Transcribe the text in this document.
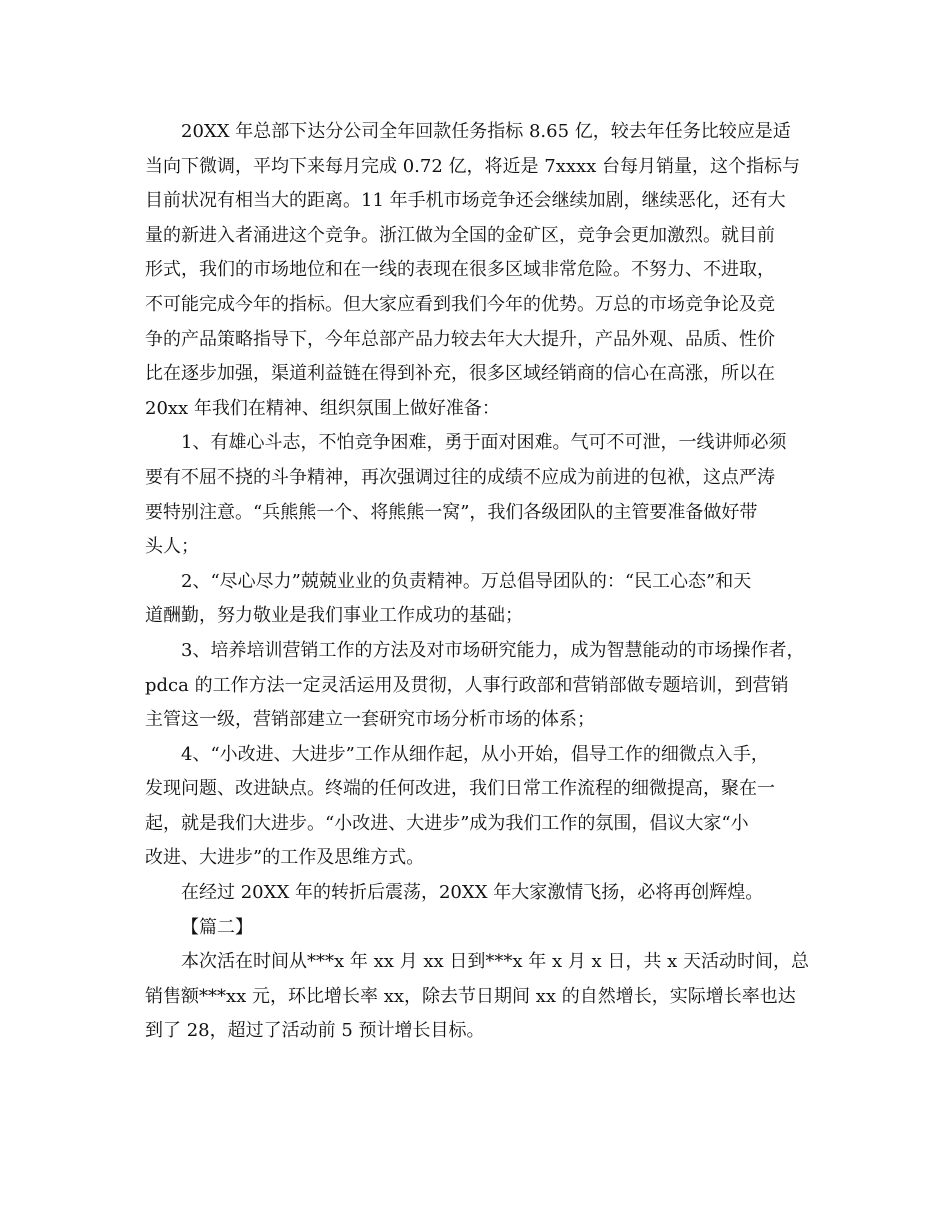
20XX 年总部下达分公司全年回款任务指标 8.65 亿，较去年任务比较应是适
当向下微调，平均下来每月完成 0.72 亿，将近是 7xxxx 台每月销量，这个指标与
目前状况有相当大的距离。11 年手机市场竞争还会继续加剧，继续恶化，还有大
量的新进入者涌进这个竞争。浙江做为全国的金矿区，竞争会更加激烈。就目前
形式，我们的市场地位和在一线的表现在很多区域非常危险。不努力、不进取，
不可能完成今年的指标。但大家应看到我们今年的优势。万总的市场竞争论及竞
争的产品策略指导下，今年总部产品力较去年大大提升，产品外观、品质、性价
比在逐步加强，渠道利益链在得到补充，很多区域经销商的信心在高涨，所以在
20xx 年我们在精神、组织氛围上做好准备：
1、有雄心斗志，不怕竞争困难，勇于面对困难。气可不可泄，一线讲师必须
要有不屈不挠的斗争精神，再次强调过往的成绩不应成为前进的包袱，这点严涛
要特别注意。“兵熊熊一个、将熊熊一窝”，我们各级团队的主管要准备做好带
头人；
2、“尽心尽力”兢兢业业的负责精神。万总倡导团队的：“民工心态”和天
道酬勤，努力敬业是我们事业工作成功的基础；
3、培养培训营销工作的方法及对市场研究能力，成为智慧能动的市场操作者，
pdca 的工作方法一定灵活运用及贯彻，人事行政部和营销部做专题培训，到营销
主管这一级，营销部建立一套研究市场分析市场的体系；
4、“小改进、大进步”工作从细作起，从小开始，倡导工作的细微点入手，
发现问题、改进缺点。终端的任何改进，我们日常工作流程的细微提高，聚在一
起，就是我们大进步。“小改进、大进步”成为我们工作的氛围，倡议大家“小
改进、大进步”的工作及思维方式。
在经过 20XX 年的转折后震荡，20XX 年大家激情飞扬，必将再创辉煌。
【篇二】
本次活在时间从***x 年 xx 月 xx 日到***x 年 x 月 x 日，共 x 天活动时间，总
销售额***xx 元，环比增长率 xx，除去节日期间 xx 的自然增长，实际增长率也达
到了 28，超过了活动前 5 预计增长目标。
